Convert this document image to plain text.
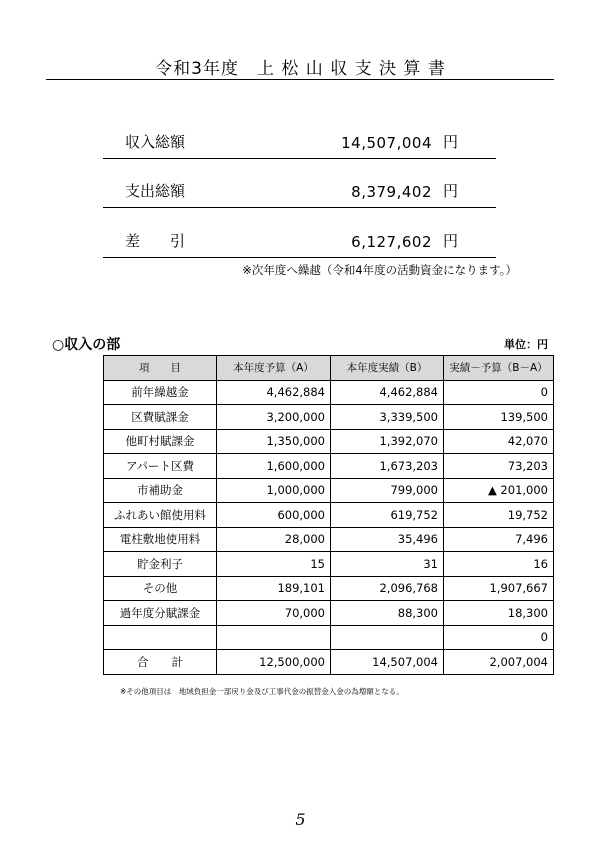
令和3年度　上 松 山 収 支 決 算 書
収入総額	14,507,004 円
支出総額	8,379,402 円
差　　引	6,127,602 円
※次年度へ繰越（令和4年度の活動資金になります。）
○収入の部	単位：円
項　　目	本年度予算（A）	本年度実績（B）	実績－予算（B－A）
前年繰越金	4,462,884	4,462,884	0
区費賦課金	3,200,000	3,339,500	139,500
他町村賦課金	1,350,000	1,392,070	42,070
アパート区費	1,600,000	1,673,203	73,203
市補助金	1,000,000	799,000	▲ 201,000
ふれあい館使用料	600,000	619,752	19,752
電柱敷地使用料	28,000	35,496	7,496
貯金利子	15	31	16
その他	189,101	2,096,768	1,907,667
過年度分賦課金	70,000	88,300	18,300
			0
合　　計	12,500,000	14,507,004	2,007,004
※その他項目は　地域負担金一部戻り金及び工事代金の振替金入金の為増額となる。
5
